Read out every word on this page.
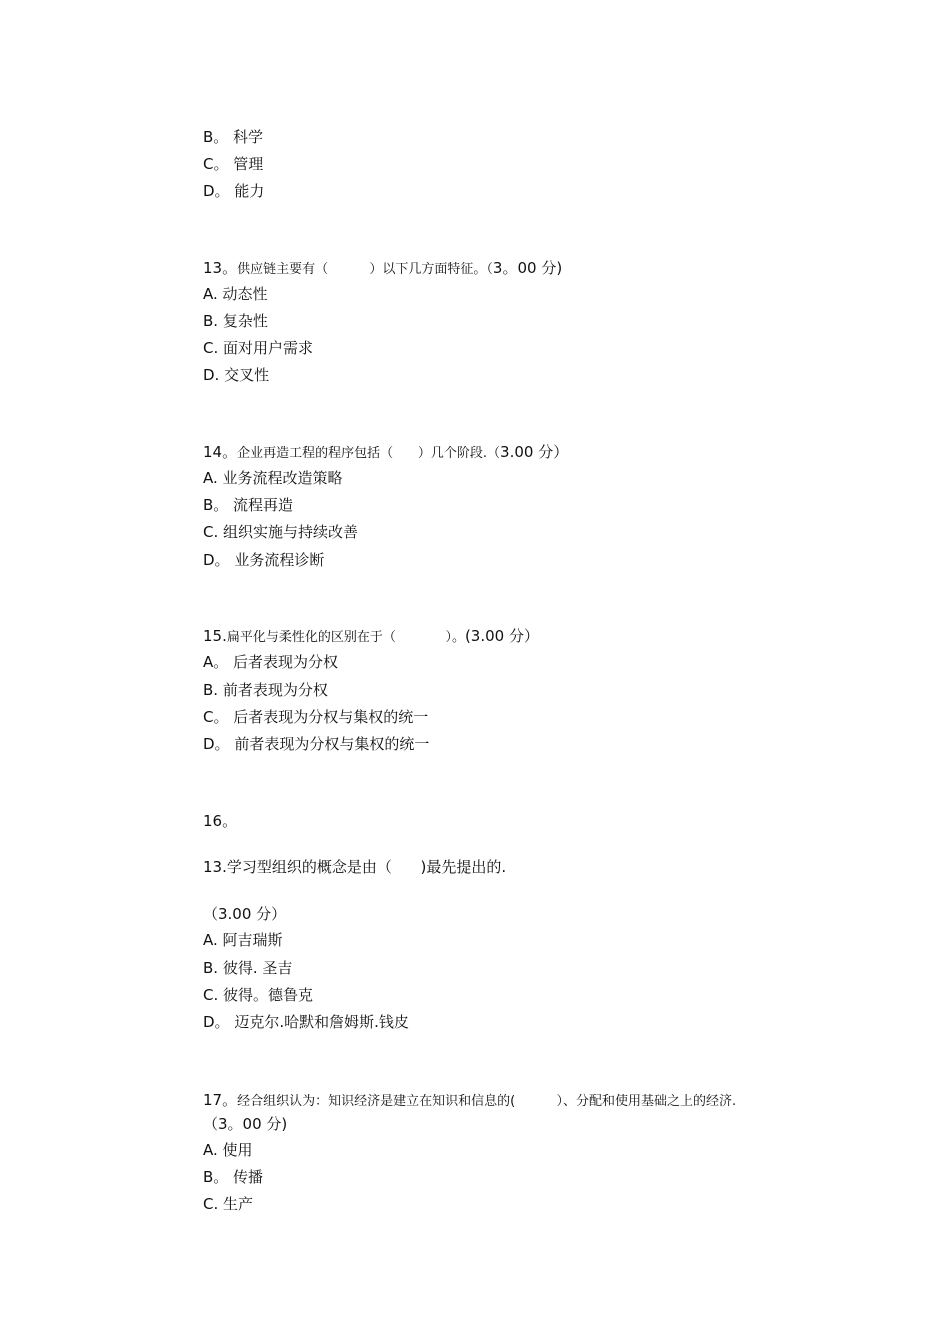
B。 科学

C。 管理

D。 能力

13。供应链主要有（          ）以下几方面特征。（3。00 分)

A. 动态性

B. 复杂性

C. 面对用户需求

D. 交叉性

14。企业再造工程的程序包括（      ）几个阶段.（3.00 分）

A. 业务流程改造策略

B。 流程再造

C. 组织实施与持续改善

D。 业务流程诊断

15.扁平化与柔性化的区别在于（            ）。(3.00 分）

A。 后者表现为分权

B. 前者表现为分权

C。 后者表现为分权与集权的统一

D。 前者表现为分权与集权的统一

16。

13.学习型组织的概念是由（      )最先提出的.

（3.00 分）

A. 阿吉瑞斯

B. 彼得. 圣吉

C. 彼得。德鲁克

D。 迈克尔.哈默和詹姆斯.钱皮

17。经合组织认为：知识经济是建立在知识和信息的(          ）、分配和使用基础之上的经济.

（3。00 分)

A. 使用

B。 传播

C. 生产
